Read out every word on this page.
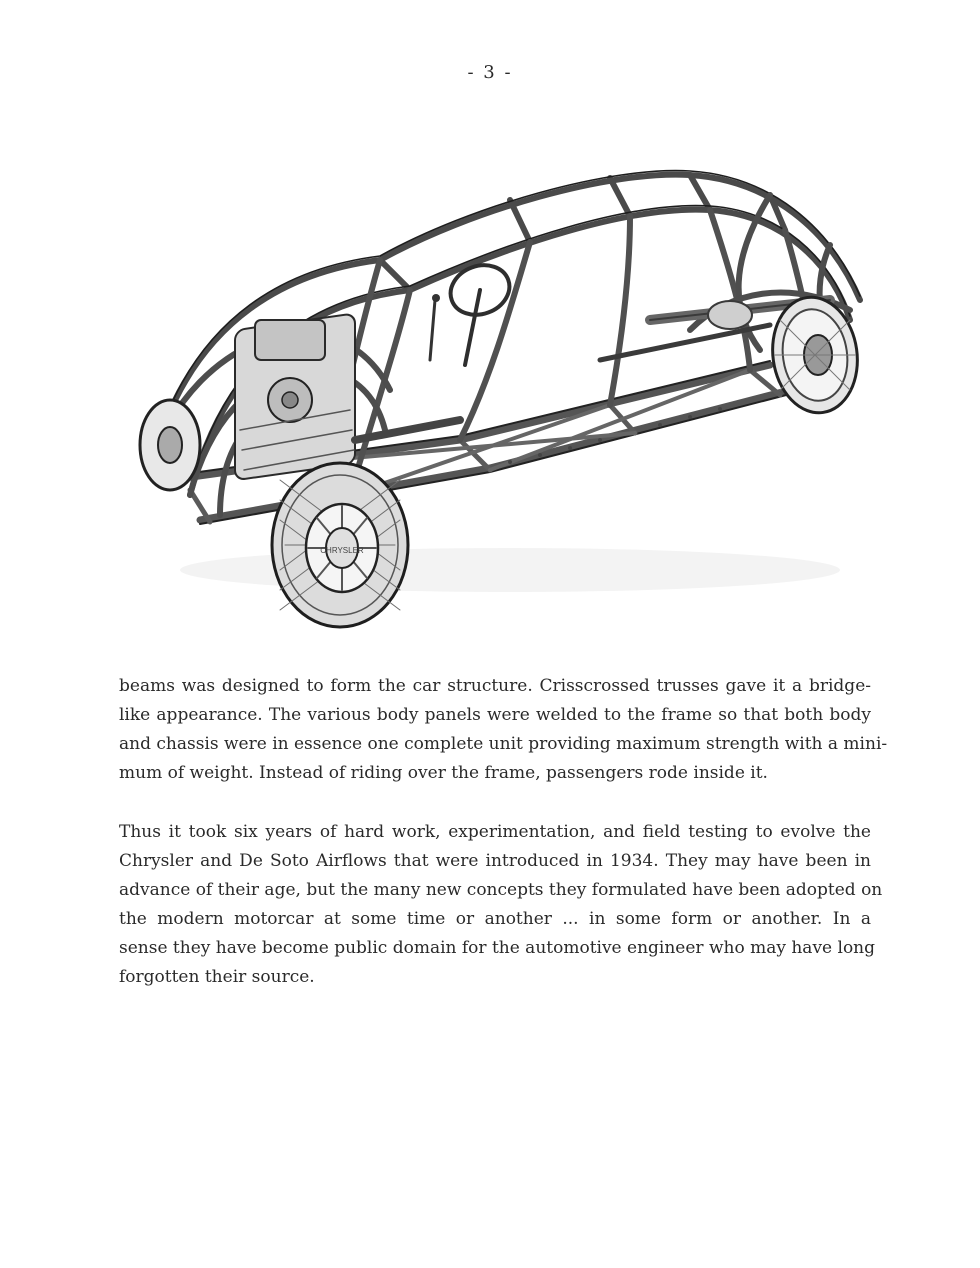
- 3 -
CHRYSLER
beams was designed to form the car structure. Crisscrossed trusses gave it a bridge-
like appearance. The various body panels were welded to the frame so that both body
and chassis were in essence one complete unit providing maximum strength with a mini-
mum of weight. Instead of riding over the frame, passengers rode inside it.
Thus it took six years of hard work, experimentation, and field testing to evolve the
Chrysler and De Soto Airflows that were introduced in 1934. They may have been in
advance of their age, but the many new concepts they formulated have been adopted on
the modern motorcar at some time or another ... in some form or another. In a
sense they have become public domain for the automotive engineer who may have long
forgotten their source.
